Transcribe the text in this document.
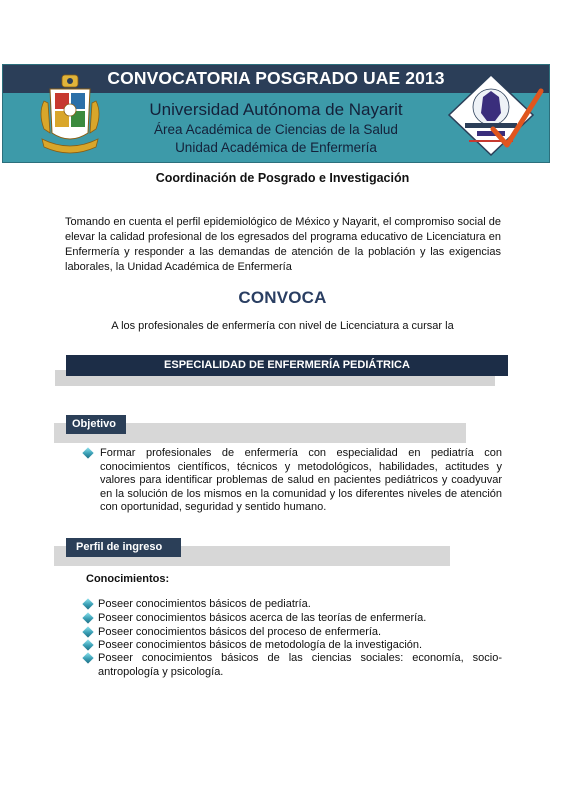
CONVOCATORIA POSGRADO UAE 2013
Universidad Autónoma de Nayarit
Área Académica de Ciencias de la Salud
Unidad Académica de Enfermería
Coordinación de Posgrado e Investigación

Tomando en cuenta el perfil epidemiológico de México y Nayarit, el compromiso social de elevar la calidad profesional de los egresados del programa educativo de Licenciatura en Enfermería y responder a las demandas de atención de la población y las exigencias laborales, la Unidad Académica de Enfermería

CONVOCA
A los profesionales de enfermería con nivel de Licenciatura a cursar la
ESPECIALIDAD DE ENFERMERÍA PEDIÁTRICA
Objetivo

Formar profesionales de enfermería con especialidad en pediatría con conocimientos científicos, técnicos y metodológicos, habilidades, actitudes y valores para identificar problemas de salud en pacientes pediátricos y coadyuvar en la solución de los mismos en la comunidad y los diferentes niveles de atención con oportunidad, seguridad y sentido humano.

Perfil de ingreso
Conocimientos:

Poseer conocimientos básicos de pediatría.

Poseer conocimientos básicos acerca de las teorías de enfermería.

Poseer conocimientos básicos del proceso de enfermería.

Poseer conocimientos básicos de metodología de la investigación.

Poseer conocimientos básicos de las ciencias sociales: economía, socio-antropología y psicología.
